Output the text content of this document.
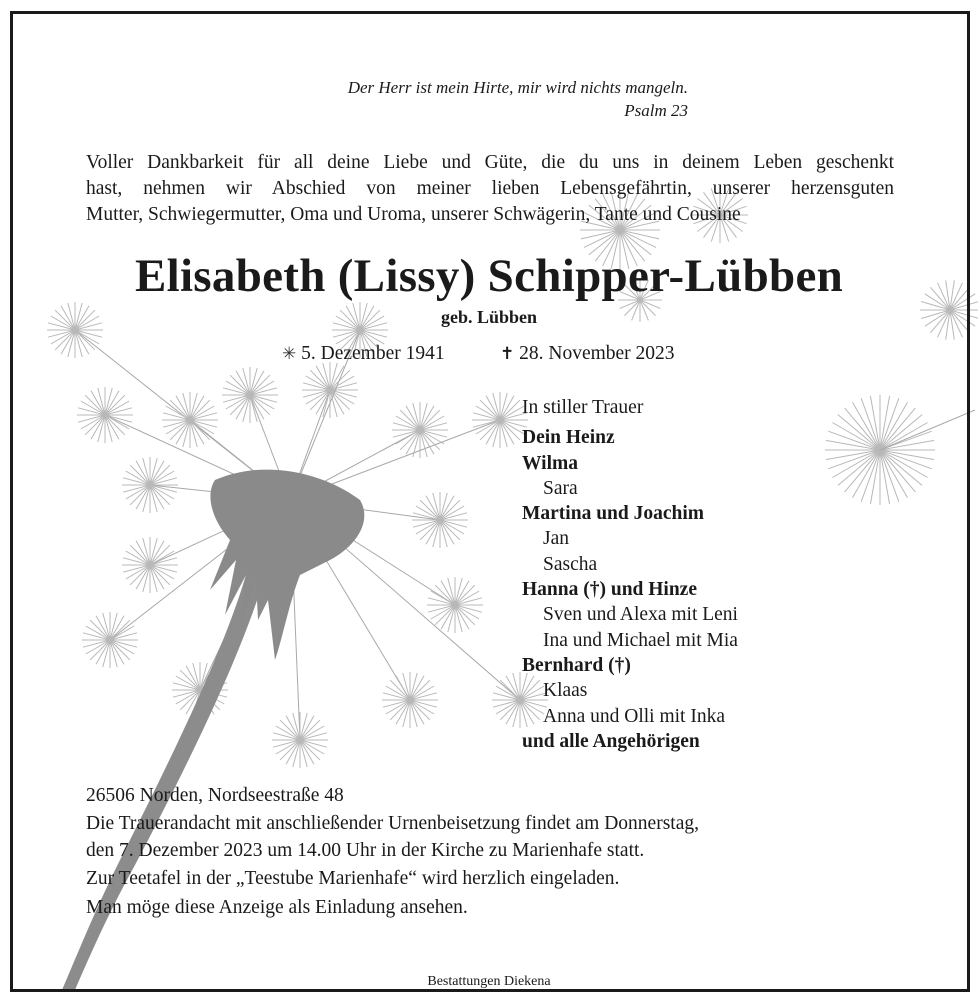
Der Herr ist mein Hirte, mir wird nichts mangeln.
Psalm 23
Voller Dankbarkeit für all deine Liebe und Güte, die du uns in deinem Leben geschenkt
hast, nehmen wir Abschied von meiner lieben Lebensgefährtin, unserer herzensguten
Mutter, Schwiegermutter, Oma und Uroma, unserer Schwägerin, Tante und Cousine
Elisabeth (Lissy) Schipper-Lübben
geb. Lübben
✳ 5. Dezember 1941	✝ 28. November 2023
In stiller Trauer
Dein Heinz
Wilma
Sara
Martina und Joachim
Jan
Sascha
Hanna (†) und Hinze
Sven und Alexa mit Leni
Ina und Michael mit Mia
Bernhard (†)
Klaas
Anna und Olli mit Inka
und alle Angehörigen
26506 Norden, Nordseestraße 48
Die Trauerandacht mit anschließender Urnenbeisetzung findet am Donnerstag,
den 7. Dezember 2023 um 14.00 Uhr in der Kirche zu Marienhafe statt.
Zur Teetafel in der „Teestube Marienhafe“ wird herzlich eingeladen.
Man möge diese Anzeige als Einladung ansehen.
Bestattungen Diekena
